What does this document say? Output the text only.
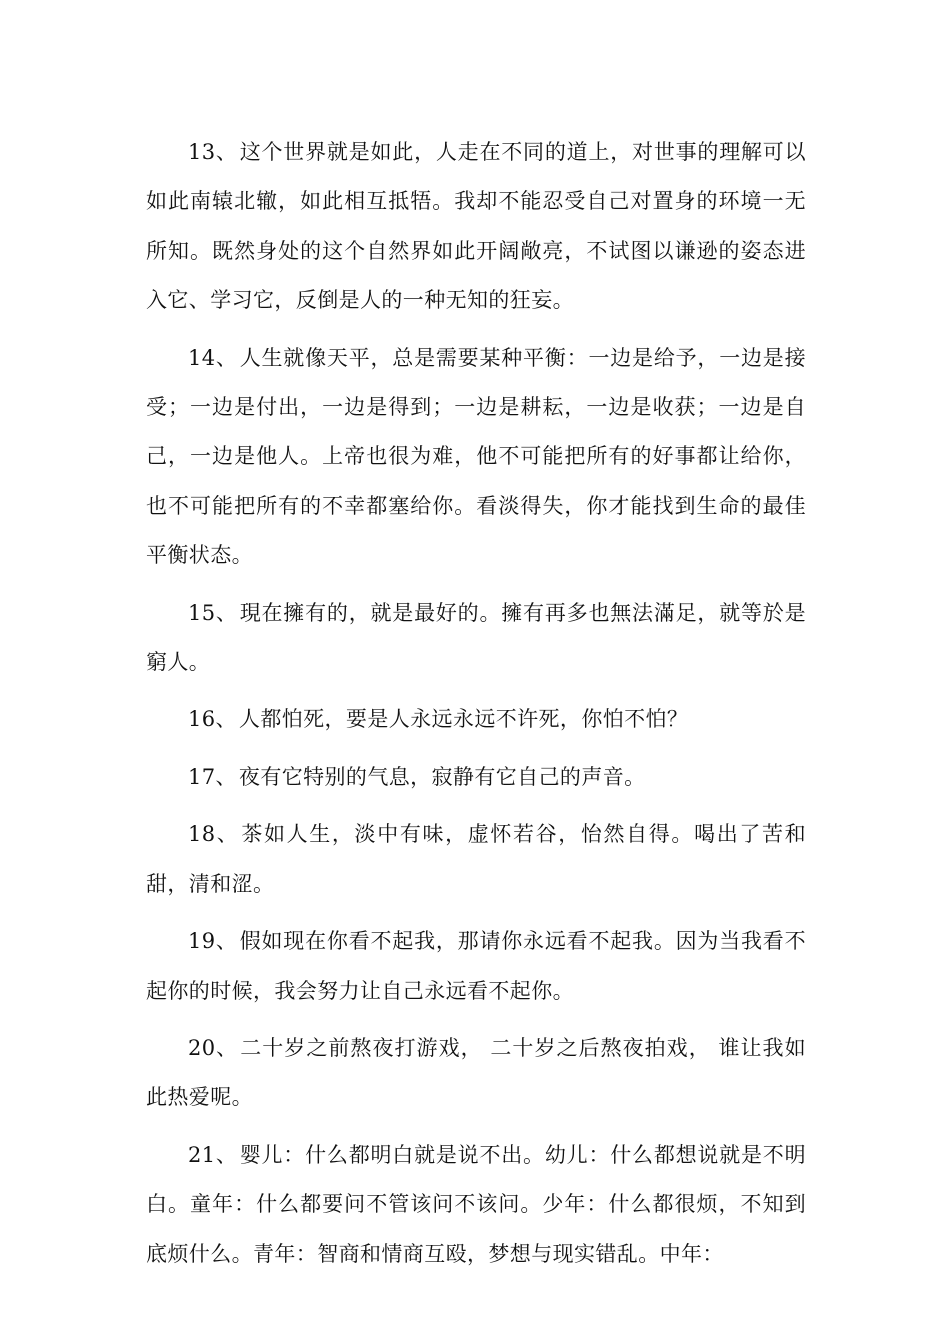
13、这个世界就是如此，人走在不同的道上，对世事的理解可以如此南辕北辙，如此相互抵牾。我却不能忍受自己对置身的环境一无所知。既然身处的这个自然界如此开阔敞亮，不试图以谦逊的姿态进入它、学习它，反倒是人的一种无知的狂妄。

14、人生就像天平，总是需要某种平衡：一边是给予，一边是接受；一边是付出，一边是得到；一边是耕耘，一边是收获；一边是自己，一边是他人。上帝也很为难，他不可能把所有的好事都让给你，也不可能把所有的不幸都塞给你。看淡得失，你才能找到生命的最佳平衡状态。

15、現在擁有的，就是最好的。擁有再多也無法滿足，就等於是窮人。

16、人都怕死，要是人永远永远不许死，你怕不怕？

17、夜有它特别的气息，寂静有它自己的声音。

18、茶如人生，淡中有味，虚怀若谷，怡然自得。喝出了苦和甜，清和涩。

19、假如现在你看不起我，那请你永远看不起我。因为当我看不起你的时候，我会努力让自己永远看不起你。

20、二十岁之前熬夜打游戏， 二十岁之后熬夜拍戏， 谁让我如此热爱呢。

21、婴儿：什么都明白就是说不出。幼儿：什么都想说就是不明白。童年：什么都要问不管该问不该问。少年：什么都很烦，不知到底烦什么。青年：智商和情商互殴，梦想与现实错乱。中年：
